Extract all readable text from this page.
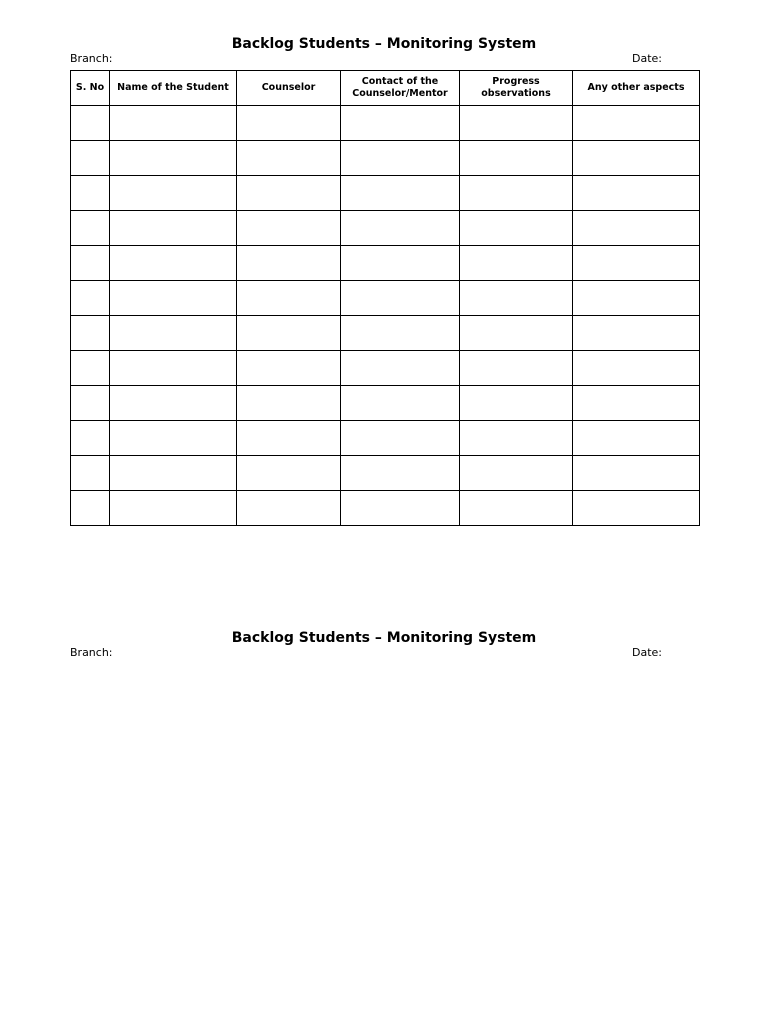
Backlog Students – Monitoring System
Branch:	Date:
S. No	Name of the Student	Counselor	Contact of the Counselor/Mentor	Progress observations	Any other aspects

Backlog Students – Monitoring System
Branch:	Date:
